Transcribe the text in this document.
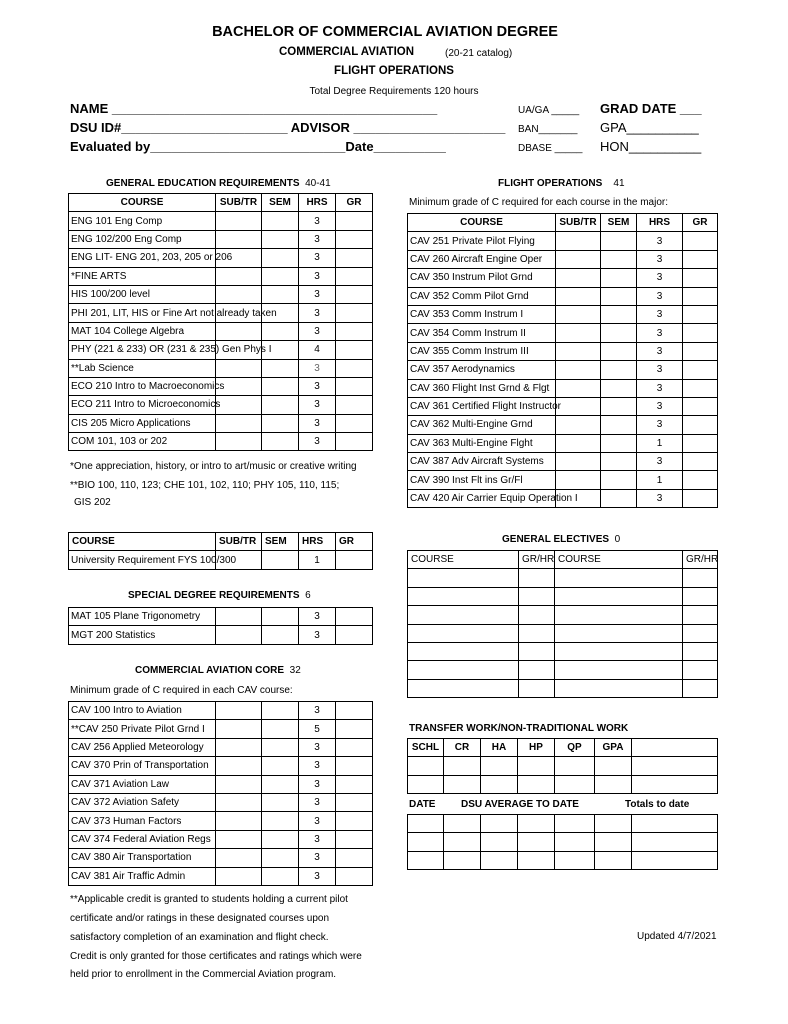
BACHELOR OF COMMERCIAL AVIATION DEGREE
COMMERCIAL AVIATION	(20-21 catalog)
FLIGHT OPERATIONS
Total Degree Requirements 120 hours
NAME _____________________________________________
DSU ID#_______________________ ADVISOR _____________________
Evaluated by___________________________Date__________
UA/GA _____
BAN_______
DBASE _____
GRAD DATE ___
GPA__________
HON__________
GENERAL EDUCATION REQUIREMENTS 40-41
COURSE	SUB/TR	SEM	HRS	GR
ENG 101 Eng Comp			3	
ENG 102/200 Eng Comp			3	
ENG LIT- ENG 201, 203, 205 or 206			3	
*FINE ARTS			3	
HIS 100/200 level			3	
PHI 201, LIT, HIS or Fine Art not already taken			3	
MAT 104 College Algebra			3	
PHY (221 & 233) OR (231 & 235) Gen Phys I			4	
**Lab Science			3	
ECO 210 Intro to Macroeconomics			3	
ECO 211 Intro to Microeconomics			3	
CIS 205 Micro Applications			3	
COM 101, 103 or 202			3	
*One appreciation, history, or intro to art/music or creative writing
**BIO 100, 110, 123; CHE 101, 102, 110; PHY 105, 110, 115;
GIS 202
COURSE	SUB/TR	SEM	HRS	GR
University Requirement FYS 100/300			1	
SPECIAL DEGREE REQUIREMENTS 6
MAT 105 Plane Trigonometry			3	
MGT 200 Statistics			3	
COMMERCIAL AVIATION CORE 32
Minimum grade of C required in each CAV course:
CAV 100 Intro to Aviation			3	
**CAV 250 Private Pilot Grnd I			5	
CAV 256 Applied Meteorology			3	
CAV 370 Prin of Transportation			3	
CAV 371 Aviation Law			3	
CAV 372 Aviation Safety			3	
CAV 373 Human Factors			3	
CAV 374 Federal Aviation Regs			3	
CAV 380 Air Transportation			3	
CAV 381 Air Traffic Admin			3	
**Applicable credit is granted to students holding a current pilot
certificate and/or ratings in these designated courses upon
satisfactory completion of an examination and flight check.
Credit is only granted for those certificates and ratings which were
held prior to enrollment in the Commercial Aviation program.
FLIGHT OPERATIONS 41
Minimum grade of C required for each course in the major:
COURSE	SUB/TR	SEM	HRS	GR
CAV 251 Private Pilot Flying			3	
CAV 260 Aircraft Engine Oper			3	
CAV 350 Instrum Pilot Grnd			3	
CAV 352 Comm Pilot Grnd			3	
CAV 353 Comm Instrum I			3	
CAV 354 Comm Instrum II			3	
CAV 355 Comm Instrum III			3	
CAV 357 Aerodynamics			3	
CAV 360 Flight Inst Grnd & Flgt			3	
CAV 361 Certified Flight Instructor			3	
CAV 362 Multi-Engine Grnd			3	
CAV 363 Multi-Engine Flght			1	
CAV 387 Adv Aircraft Systems			3	
CAV 390 Inst Flt ins Gr/Fl			1	
CAV 420 Air Carrier Equip Operation I			3	
GENERAL ELECTIVES 0
COURSE	GR/HR	COURSE	GR/HR

TRANSFER WORK/NON-TRADITIONAL WORK
SCHL	CR	HA	HP	QP	GPA	

DATE	DSU AVERAGE TO DATE	Totals to date

Updated 4/7/2021
